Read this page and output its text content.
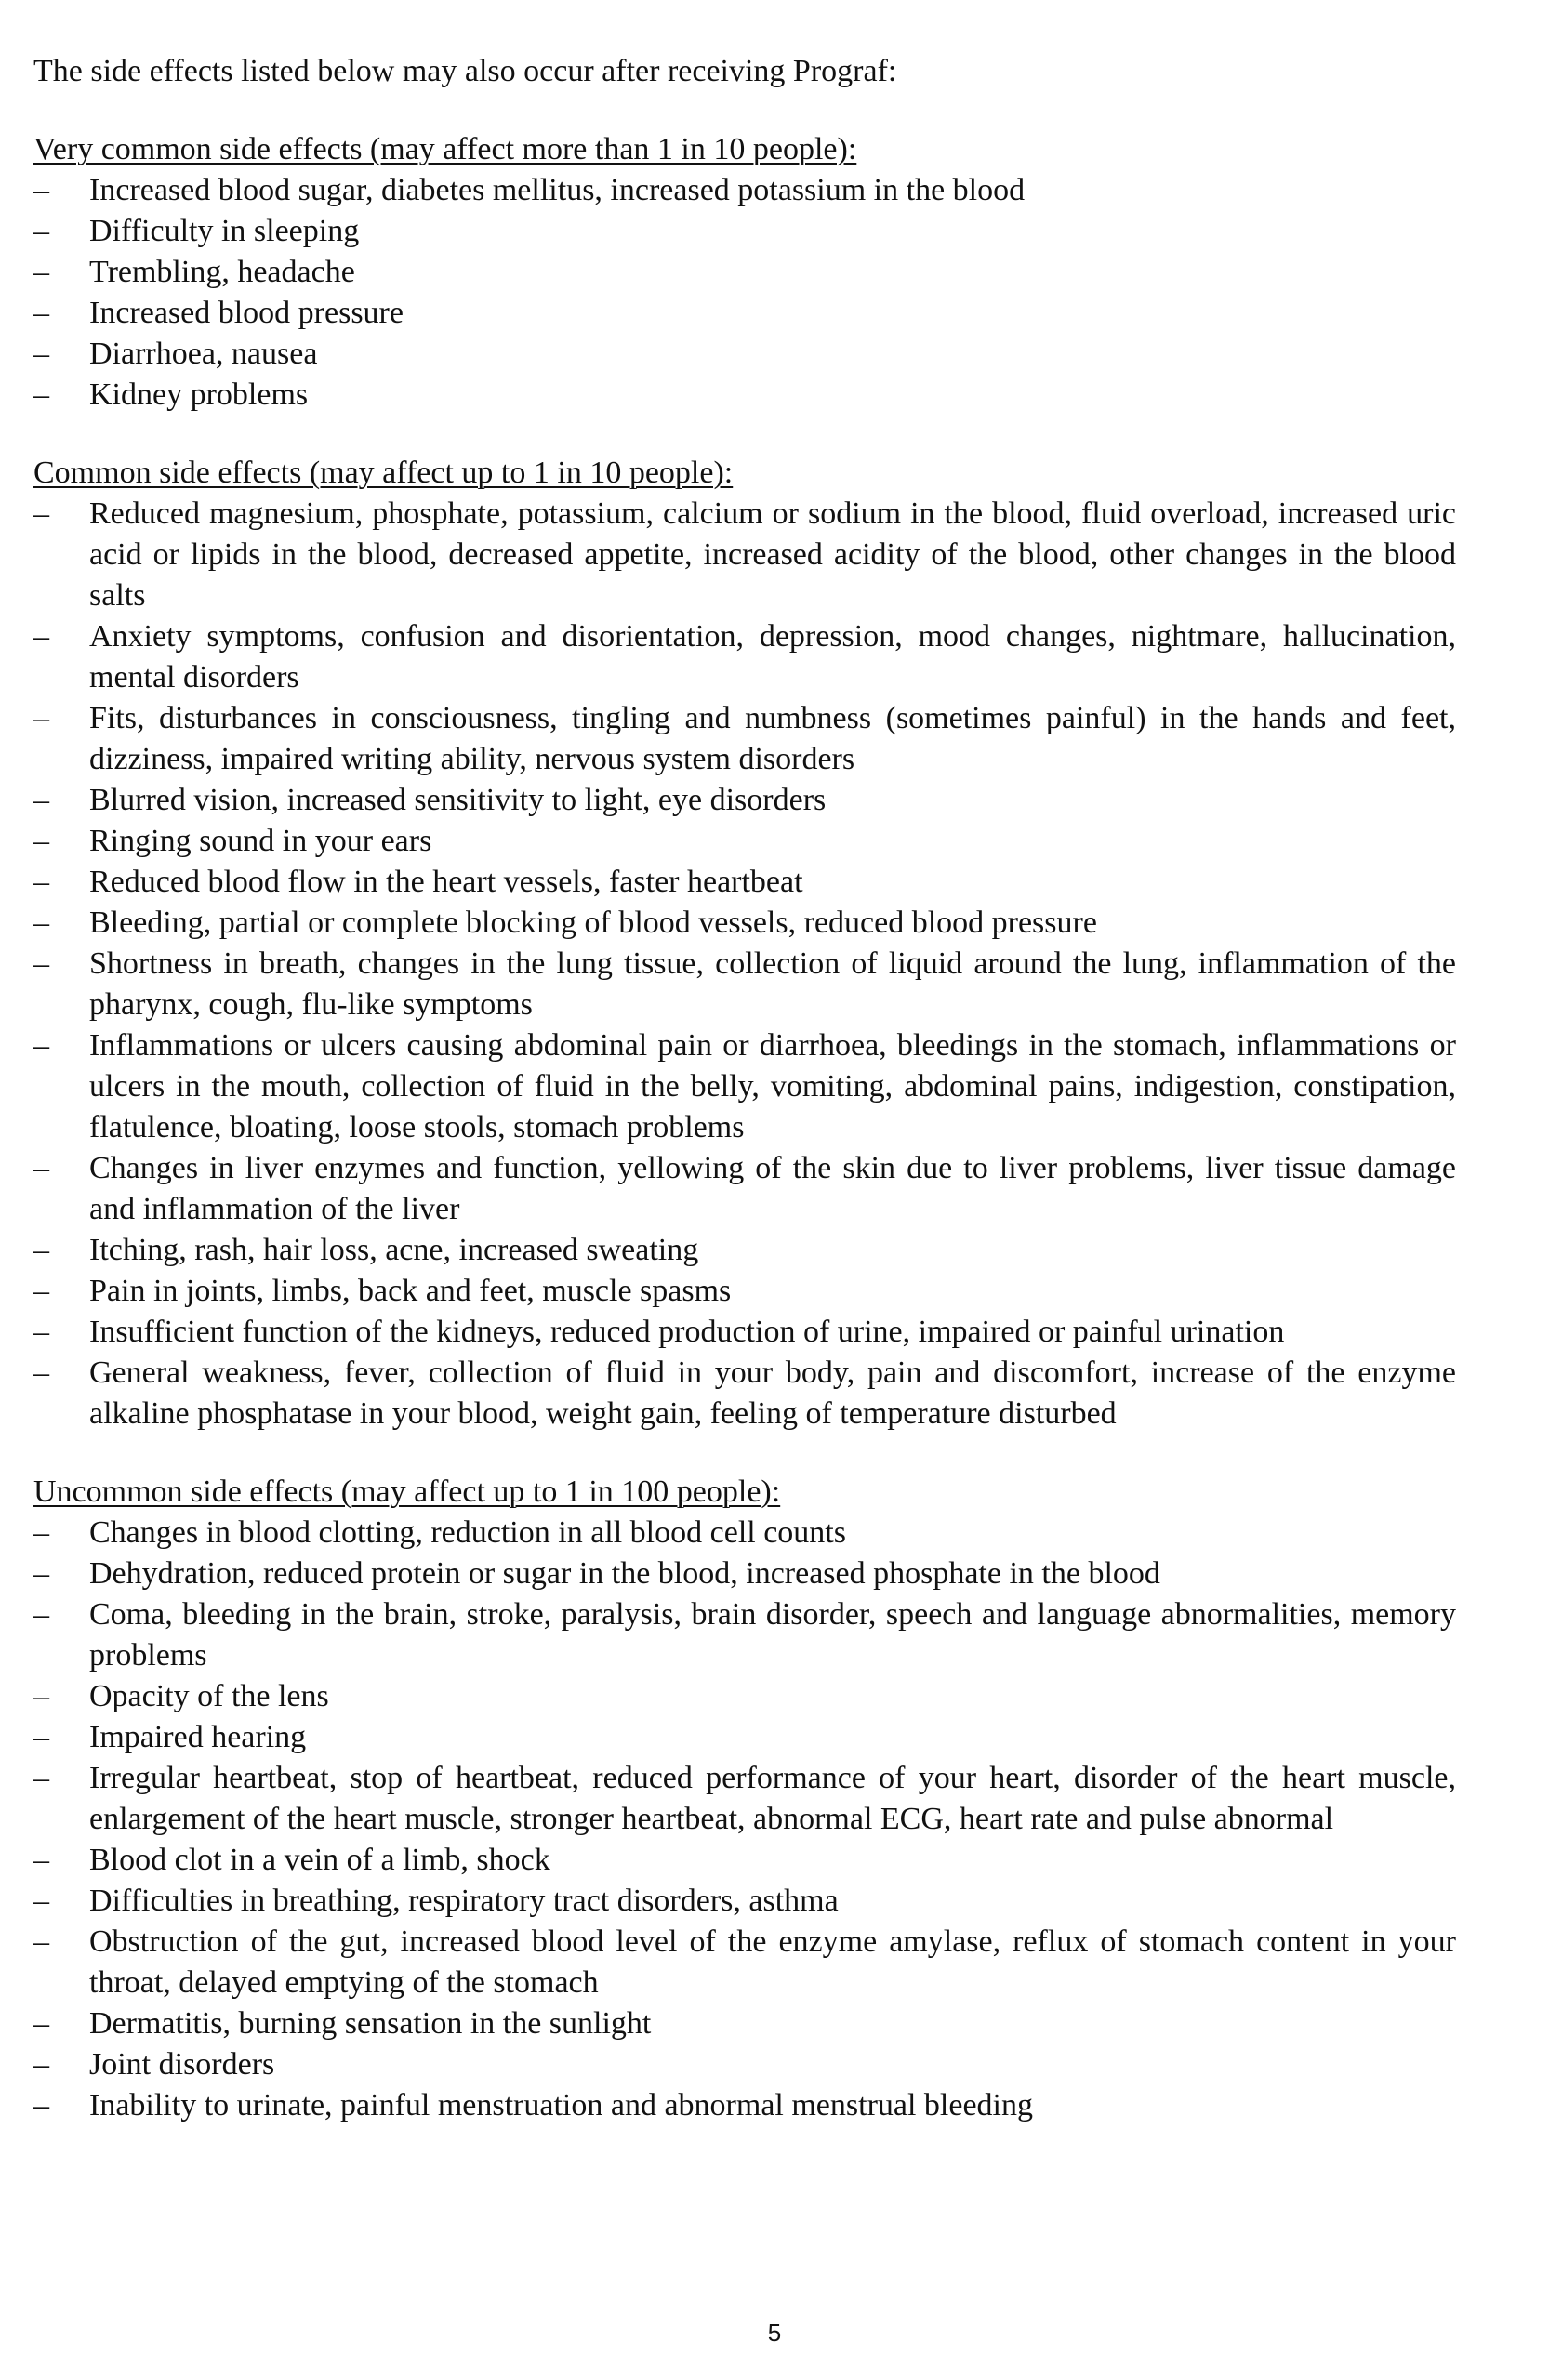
The side effects listed below may also occur after receiving Prograf:

Very common side effects (may affect more than 1 in 10 people):

–	Increased blood sugar, diabetes mellitus, increased potassium in the blood
–	Difficulty in sleeping
–	Trembling, headache
–	Increased blood pressure
–	Diarrhoea, nausea
–	Kidney problems

Common side effects (may affect up to 1 in 10 people):

–	Reduced magnesium, phosphate, potassium, calcium or sodium in the blood, fluid overload, increased uric acid or lipids in the blood, decreased appetite, increased acidity of the blood, other changes in the blood salts
–	Anxiety symptoms, confusion and disorientation, depression, mood changes, nightmare, hallucination, mental disorders
–	Fits, disturbances in consciousness, tingling and numbness (sometimes painful) in the hands and feet, dizziness, impaired writing ability, nervous system disorders
–	Blurred vision, increased sensitivity to light, eye disorders
–	Ringing sound in your ears
–	Reduced blood flow in the heart vessels, faster heartbeat
–	Bleeding, partial or complete blocking of blood vessels, reduced blood pressure
–	Shortness in breath, changes in the lung tissue, collection of liquid around the lung, inflammation of the pharynx, cough, flu-like symptoms
–	Inflammations or ulcers causing abdominal pain or diarrhoea, bleedings in the stomach, inflammations or ulcers in the mouth, collection of fluid in the belly, vomiting, abdominal pains, indigestion, constipation, flatulence, bloating, loose stools, stomach problems
–	Changes in liver enzymes and function, yellowing of the skin due to liver problems, liver tissue damage and inflammation of the liver
–	Itching, rash, hair loss, acne, increased sweating
–	Pain in joints, limbs, back and feet, muscle spasms
–	Insufficient function of the kidneys, reduced production of urine, impaired or painful urination
–	General weakness, fever, collection of fluid in your body, pain and discomfort, increase of the enzyme alkaline phosphatase in your blood, weight gain, feeling of temperature disturbed

Uncommon side effects (may affect up to 1 in 100 people):

–	Changes in blood clotting, reduction in all blood cell counts
–	Dehydration, reduced protein or sugar in the blood, increased phosphate in the blood
–	Coma, bleeding in the brain, stroke, paralysis, brain disorder, speech and language abnormalities, memory problems
–	Opacity of the lens
–	Impaired hearing
–	Irregular heartbeat, stop of heartbeat, reduced performance of your heart, disorder of the heart muscle, enlargement of the heart muscle, stronger heartbeat, abnormal ECG, heart rate and pulse abnormal
–	Blood clot in a vein of a limb, shock
–	Difficulties in breathing, respiratory tract disorders, asthma
–	Obstruction of the gut, increased blood level of the enzyme amylase, reflux of stomach content in your throat, delayed emptying of the stomach
–	Dermatitis, burning sensation in the sunlight
–	Joint disorders
–	Inability to urinate, painful menstruation and abnormal menstrual bleeding
5
